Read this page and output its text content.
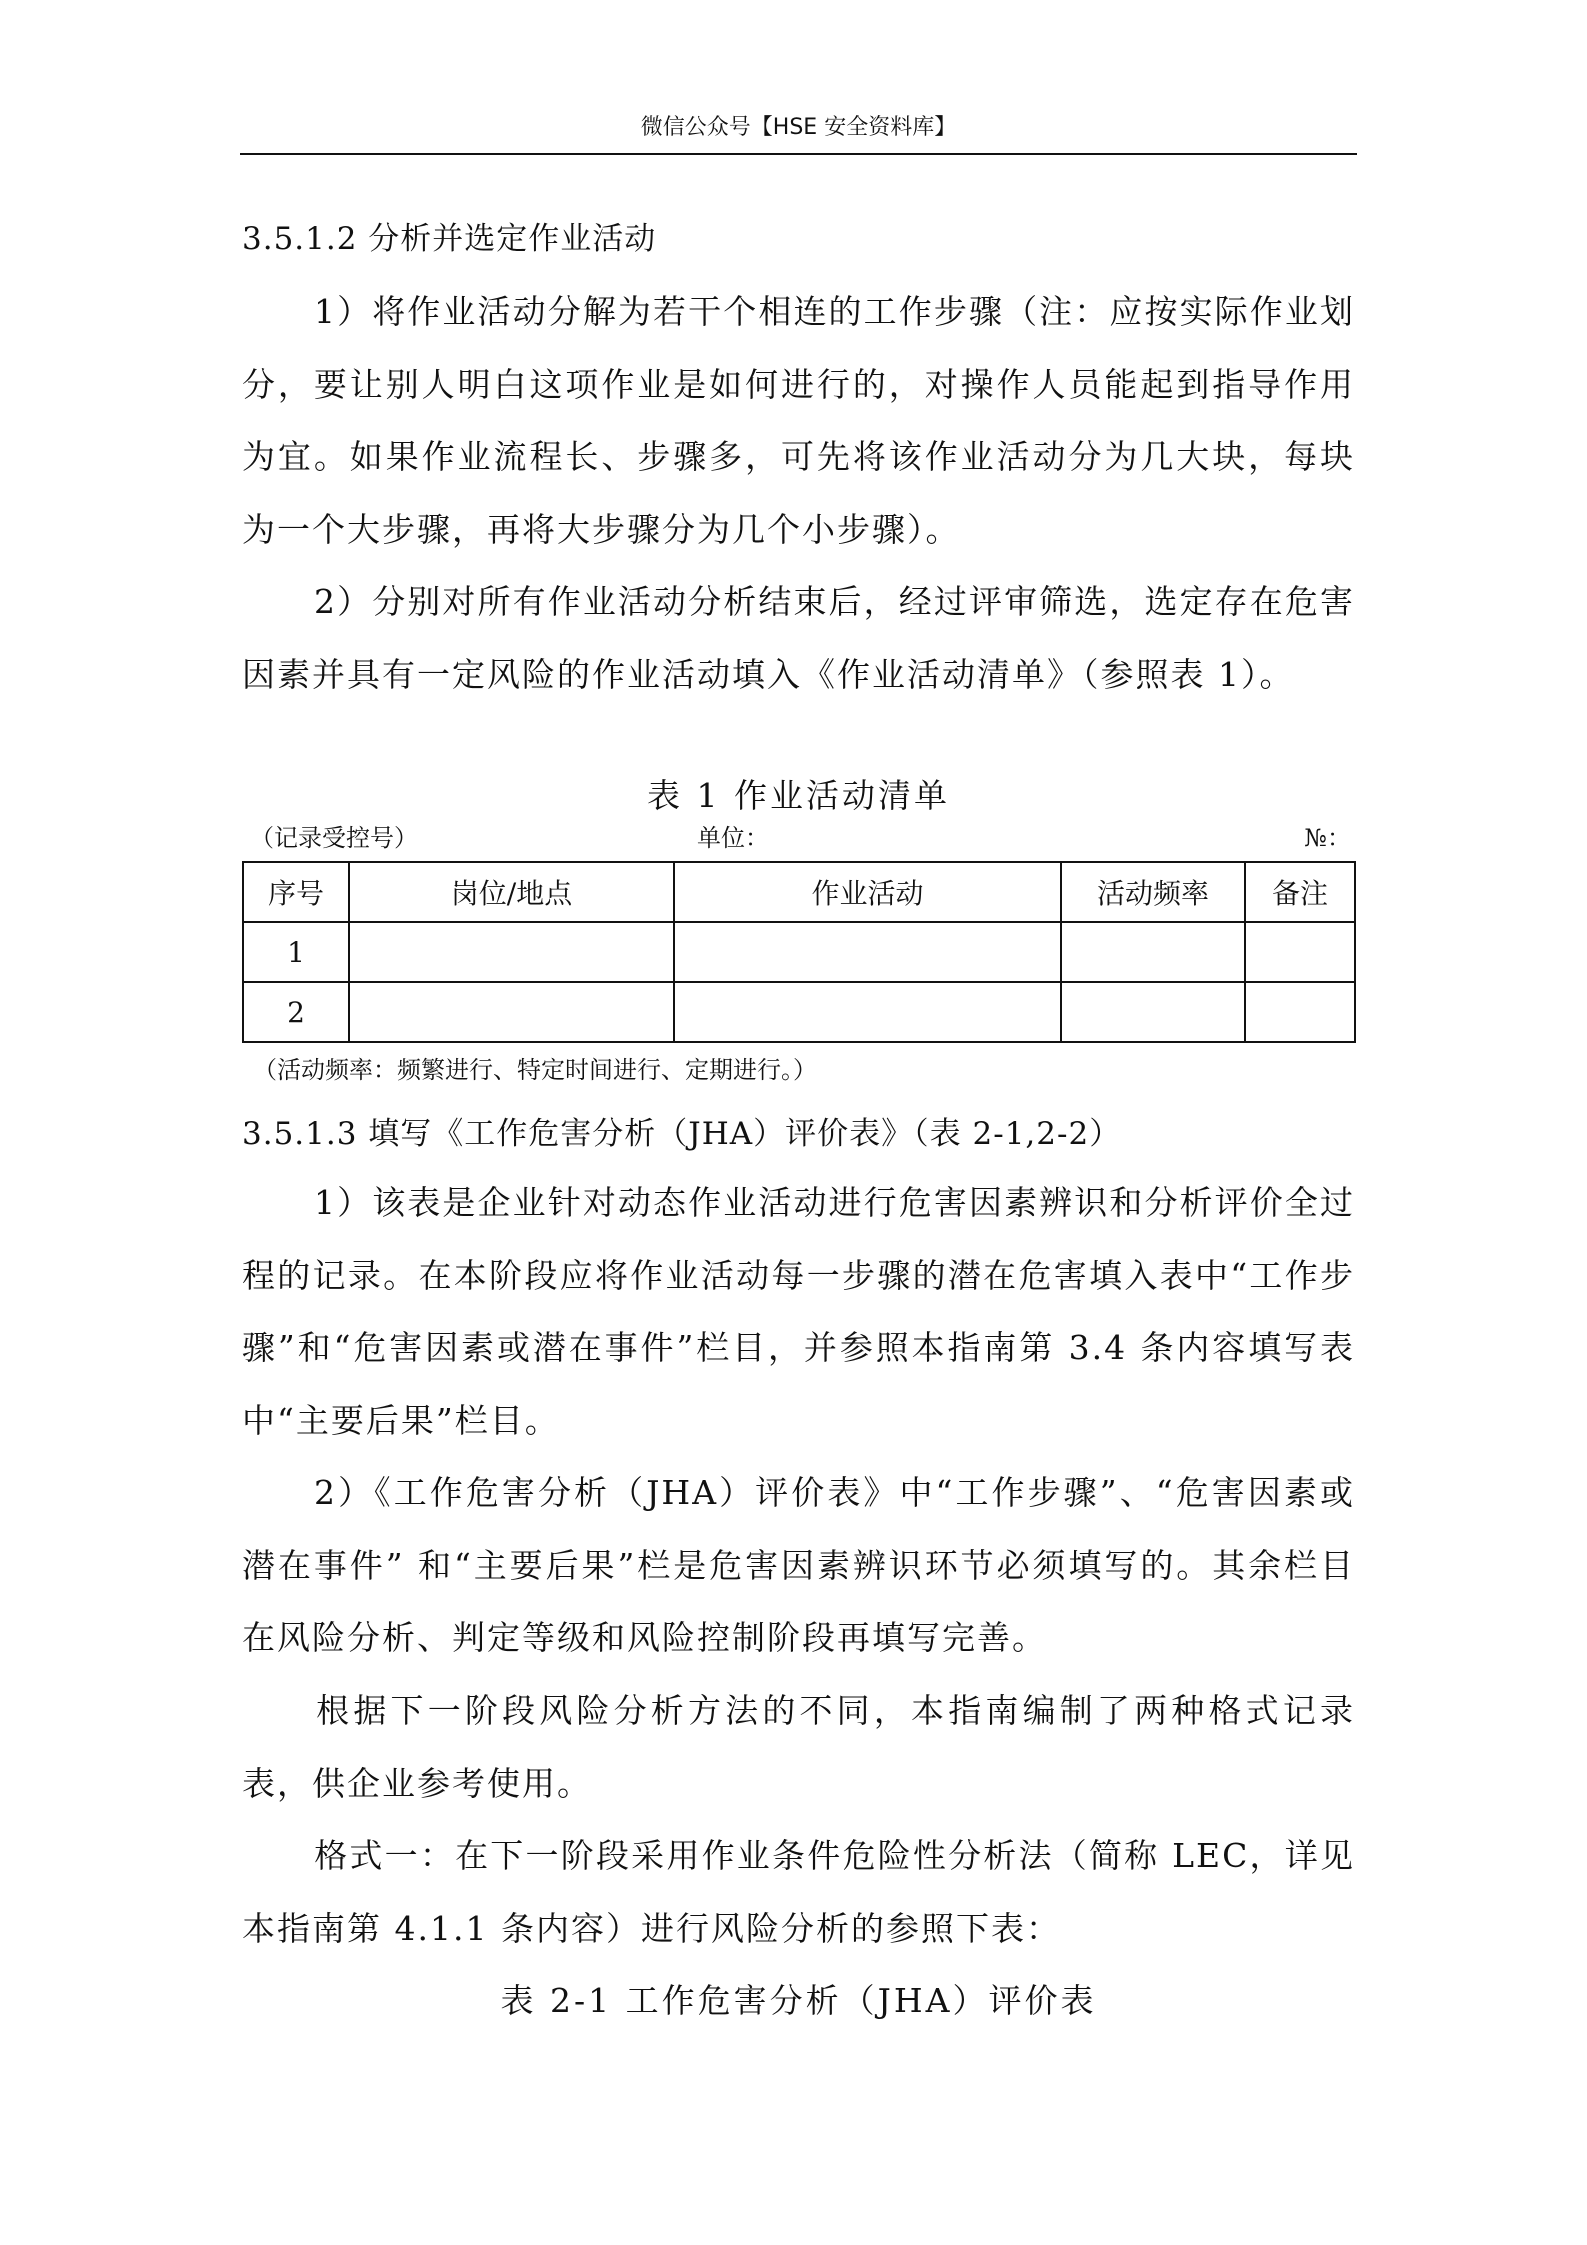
微信公众号【HSE 安全资料库】
3.5.1.2 分析并选定作业活动

1）将作业活动分解为若干个相连的工作步骤（注：应按实际作业划分，要让别人明白这项作业是如何进行的，对操作人员能起到指导作用为宜。如果作业流程长、步骤多，可先将该作业活动分为几大块，每块为一个大步骤，再将大步骤分为几个小步骤）。

2）分别对所有作业活动分析结束后，经过评审筛选，选定存在危害因素并具有一定风险的作业活动填入《作业活动清单》（参照表 1）。

表 1 作业活动清单
（记录受控号）	单位：	№：
序号	岗位/地点	作业活动	活动频率	备注
1				
2				
（活动频率：频繁进行、特定时间进行、定期进行。）
3.5.1.3 填写《工作危害分析（JHA）评价表》（表 2-1,2-2）

1）该表是企业针对动态作业活动进行危害因素辨识和分析评价全过程的记录。在本阶段应将作业活动每一步骤的潜在危害填入表中“工作步骤”和“危害因素或潜在事件”栏目，并参照本指南第 3.4 条内容填写表中“主要后果”栏目。

2）《工作危害分析（JHA）评价表》中“工作步骤”、“危害因素或潜在事件” 和“主要后果”栏是危害因素辨识环节必须填写的。其余栏目在风险分析、判定等级和风险控制阶段再填写完善。

根据下一阶段风险分析方法的不同，本指南编制了两种格式记录表，供企业参考使用。

格式一：在下一阶段采用作业条件危险性分析法（简称 LEC，详见本指南第 4.1.1 条内容）进行风险分析的参照下表：

表 2-1 工作危害分析（JHA）评价表
